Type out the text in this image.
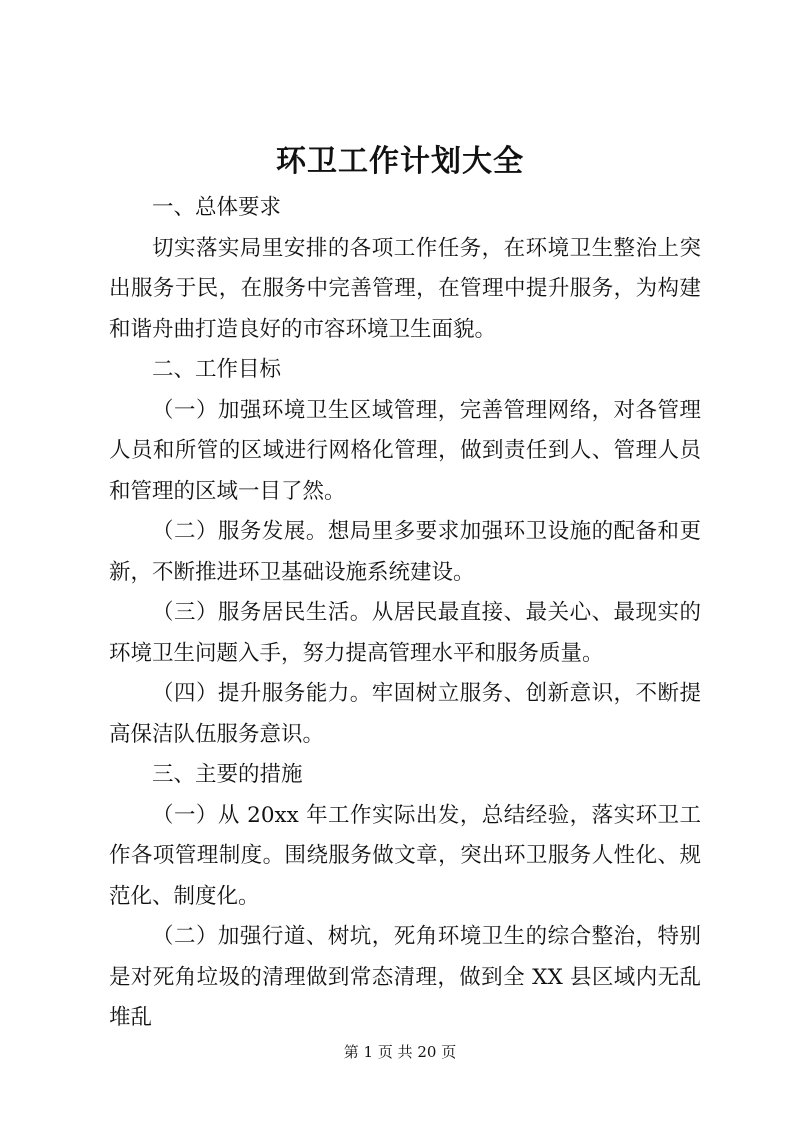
环卫工作计划大全

一、总体要求

切实落实局里安排的各项工作任务，在环境卫生整治上突出服务于民，在服务中完善管理，在管理中提升服务，为构建和谐舟曲打造良好的市容环境卫生面貌。

二、工作目标

（一）加强环境卫生区域管理，完善管理网络，对各管理人员和所管的区域进行网格化管理，做到责任到人、管理人员和管理的区域一目了然。

（二）服务发展。想局里多要求加强环卫设施的配备和更新，不断推进环卫基础设施系统建设。

（三）服务居民生活。从居民最直接、最关心、最现实的环境卫生问题入手，努力提高管理水平和服务质量。

（四）提升服务能力。牢固树立服务、创新意识，不断提高保洁队伍服务意识。

三、主要的措施

（一）从 20xx 年工作实际出发，总结经验，落实环卫工作各项管理制度。围绕服务做文章，突出环卫服务人性化、规范化、制度化。

（二）加强行道、树坑，死角环境卫生的综合整治，特别是对死角垃圾的清理做到常态清理，做到全 XX 县区域内无乱堆乱

第 1 页 共 20 页
